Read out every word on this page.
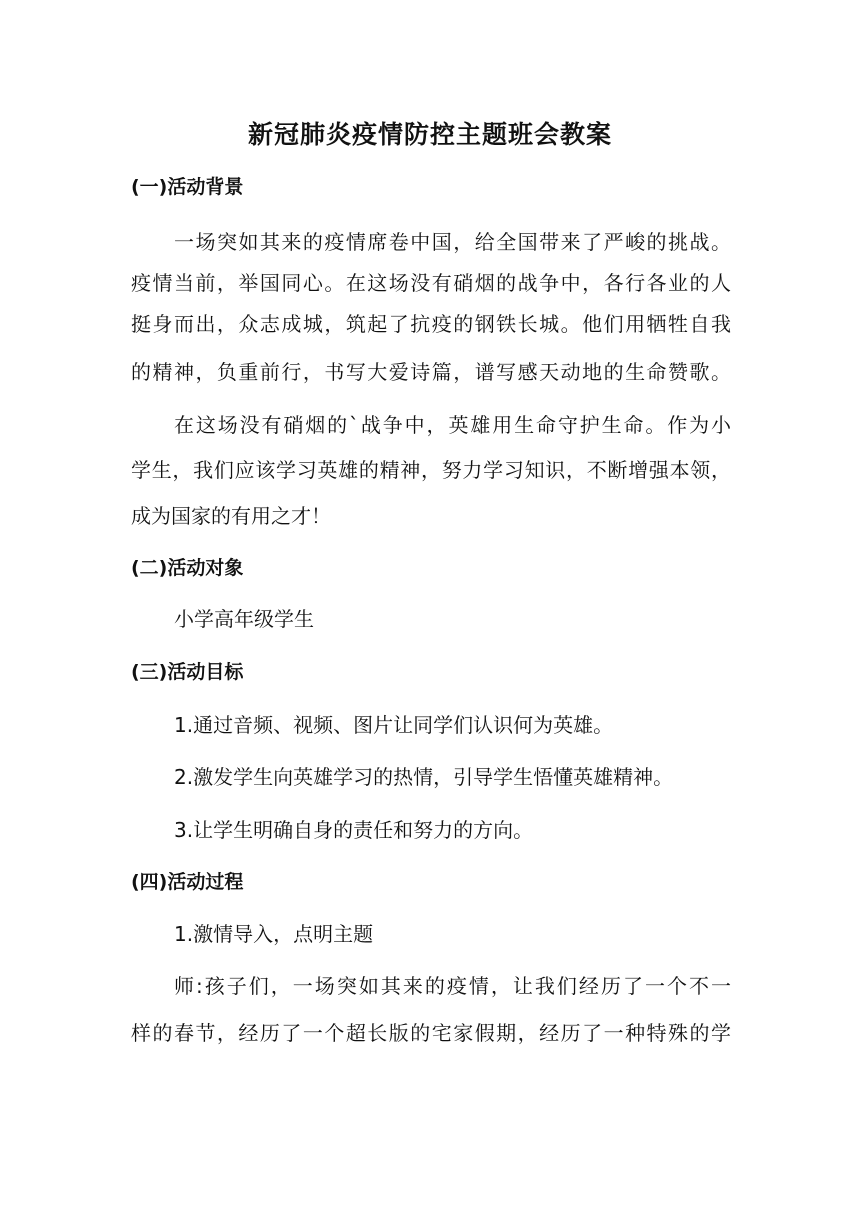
新冠肺炎疫情防控主题班会教案
(一)活动背景
一场突如其来的疫情席卷中国，给全国带来了严峻的挑战。
疫情当前，举国同心。在这场没有硝烟的战争中，各行各业的人
挺身而出，众志成城，筑起了抗疫的钢铁长城。他们用牺牲自我
的精神，负重前行，书写大爱诗篇，谱写感天动地的生命赞歌。
在这场没有硝烟的`战争中，英雄用生命守护生命。作为小
学生，我们应该学习英雄的精神，努力学习知识，不断增强本领，
成为国家的有用之才！
(二)活动对象
小学高年级学生
(三)活动目标
1.通过音频、视频、图片让同学们认识何为英雄。
2.激发学生向英雄学习的热情，引导学生悟懂英雄精神。
3.让学生明确自身的责任和努力的方向。
(四)活动过程
1.激情导入，点明主题
师:孩子们，一场突如其来的疫情，让我们经历了一个不一
样的春节，经历了一个超长版的宅家假期，经历了一种特殊的学
